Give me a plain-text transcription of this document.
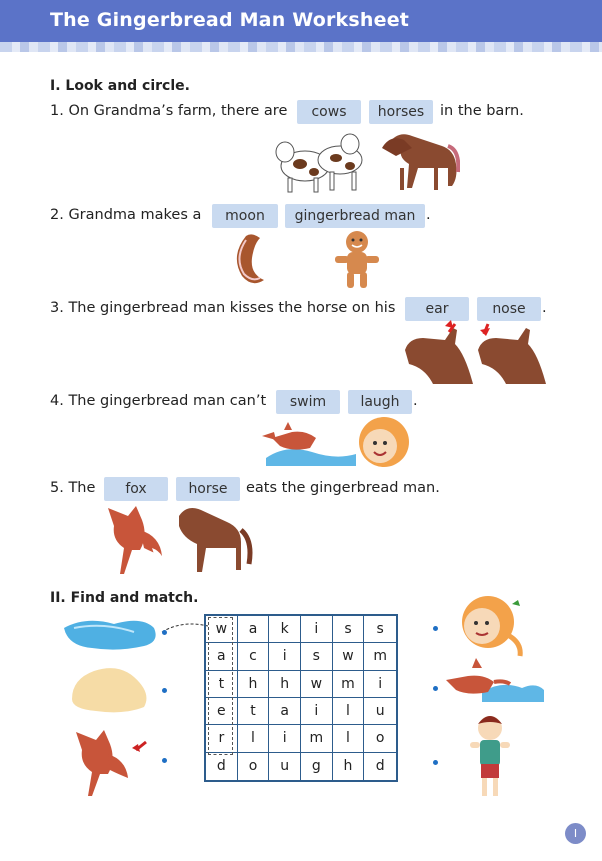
The Gingerbread Man Worksheet
I. Look and circle.
1. On Grandma’s farm, there are	cows	horses	in the barn.
2. Grandma makes a	moon	gingerbread man .
3. The gingerbread man kisses the horse on his	ear	nose	.
4. The gingerbread man can’t	swim	laugh .
5. The	fox	horse	eats the gingerbread man.
II. Find and match.
w	a	k	i	s	s
a	c	i	s	w	m
t	h	h	w	m	i
e	t	a	i	l	u
r	l	i	m	l	o
d	o	u	g	h	d
I
